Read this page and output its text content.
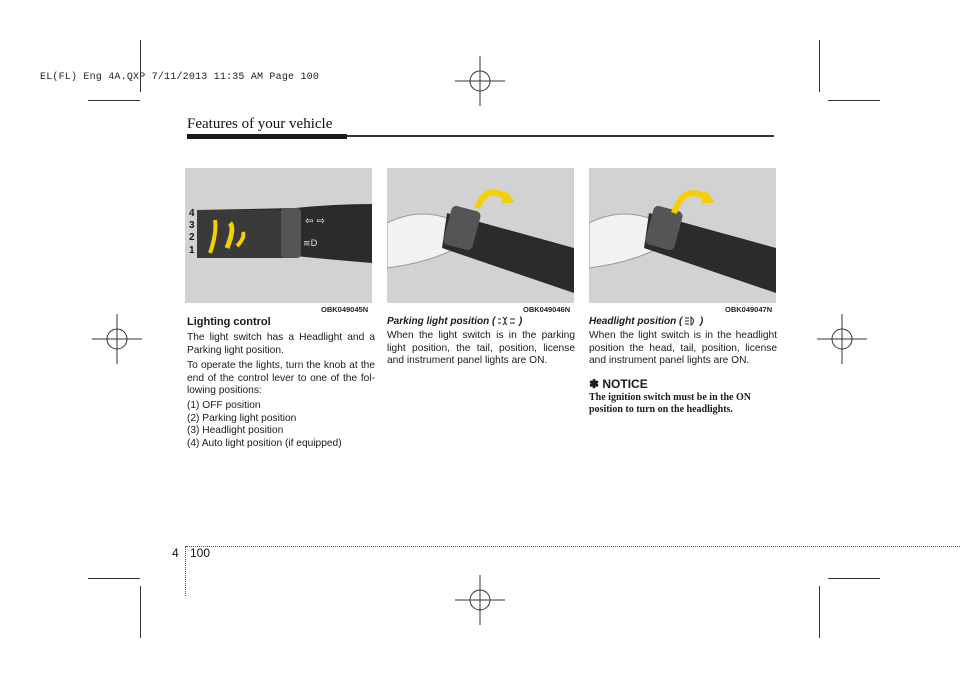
EL(FL) Eng 4A.QXP 7/11/2013 11:35 AM Page 100
Features of your vehicle
⇦ ⇨
≡D
4
3
2
1
OBK049045N	OBK049046N	OBK049047N
Lighting control

The light switch has a Headlight and a Parking light position.

To operate the lights, turn the knob at the end of the control lever to one of the fol-lowing positions:

(1) OFF position
(2) Parking light position
(3) Headlight position
(4) Auto light position (if equipped)
Parking light position ( )

When the light switch is in the parking light position, the tail, position, license and instrument panel lights are ON.

Headlight position ( )

When the light switch is in the headlight position the head, tail, position, license and instrument panel lights are ON.

✽ NOTICE
The ignition switch must be in the ON position to turn on the headlights.
4 100
